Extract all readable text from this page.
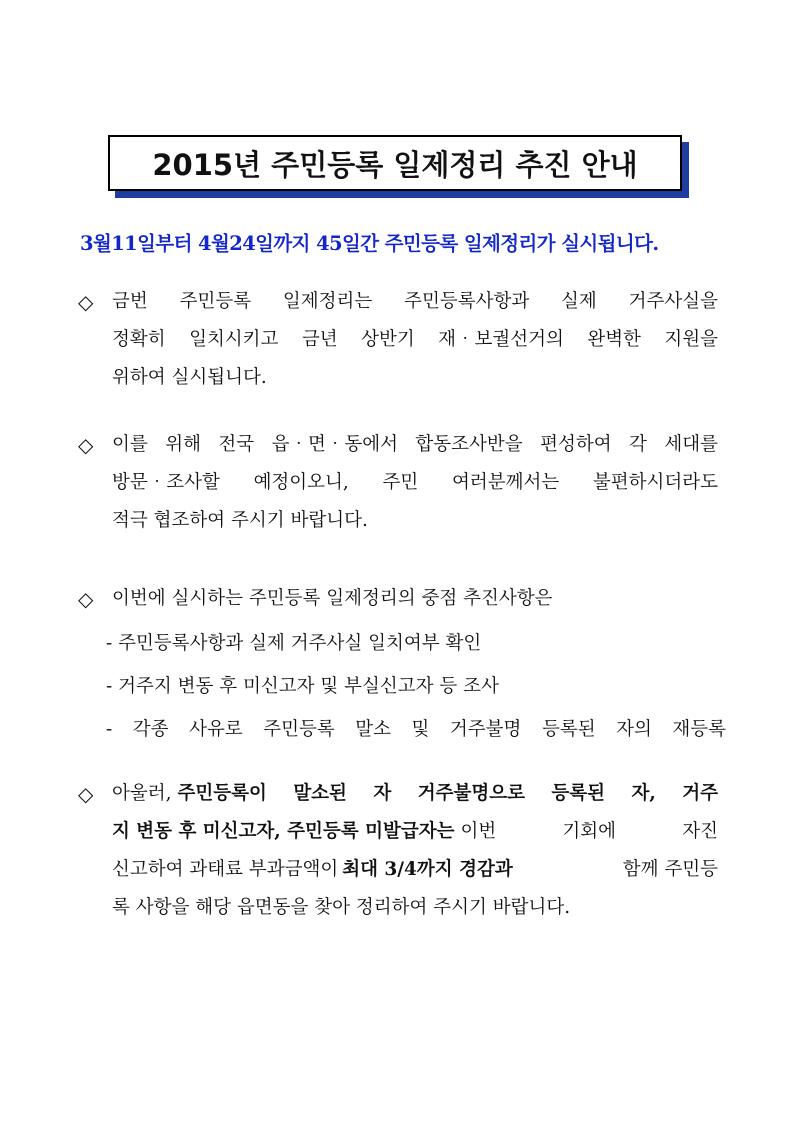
2015년 주민등록 일제정리 추진 안내
3월11일부터 4월24일까지 45일간 주민등록 일제정리가 실시됩니다.
◇	금번 주민등록 일제정리는 주민등록사항과 실제 거주사실을
정확히 일치시키고 금년 상반기 재‧보궐선거의 완벽한 지원을
위하여 실시됩니다.
◇	이를 위해 전국 읍‧면‧동에서 합동조사반을 편성하여 각 세대를
방문‧조사할 예정이오니, 주민 여러분께서는 불편하시더라도
적극 협조하여 주시기 바랍니다.
◇	이번에 실시하는 주민등록 일제정리의 중점 추진사항은
- 주민등록사항과 실제 거주사실 일치여부 확인
- 거주지 변동 후 미신고자 및 부실신고자 등 조사
- 각종 사유로 주민등록 말소 및 거주불명 등록된 자의 재등록
◇	아울러, 주민등록이 말소된 자 거주불명으로 등록된 자, 거주
지 변동 후 미신고자, 주민등록 미발급자는 이번 기회에 자진
신고하여 과태료 부과금액이 최대 3/4까지 경감과	함께 주민등
록 사항을 해당 읍면동을 찾아 정리하여 주시기 바랍니다.
